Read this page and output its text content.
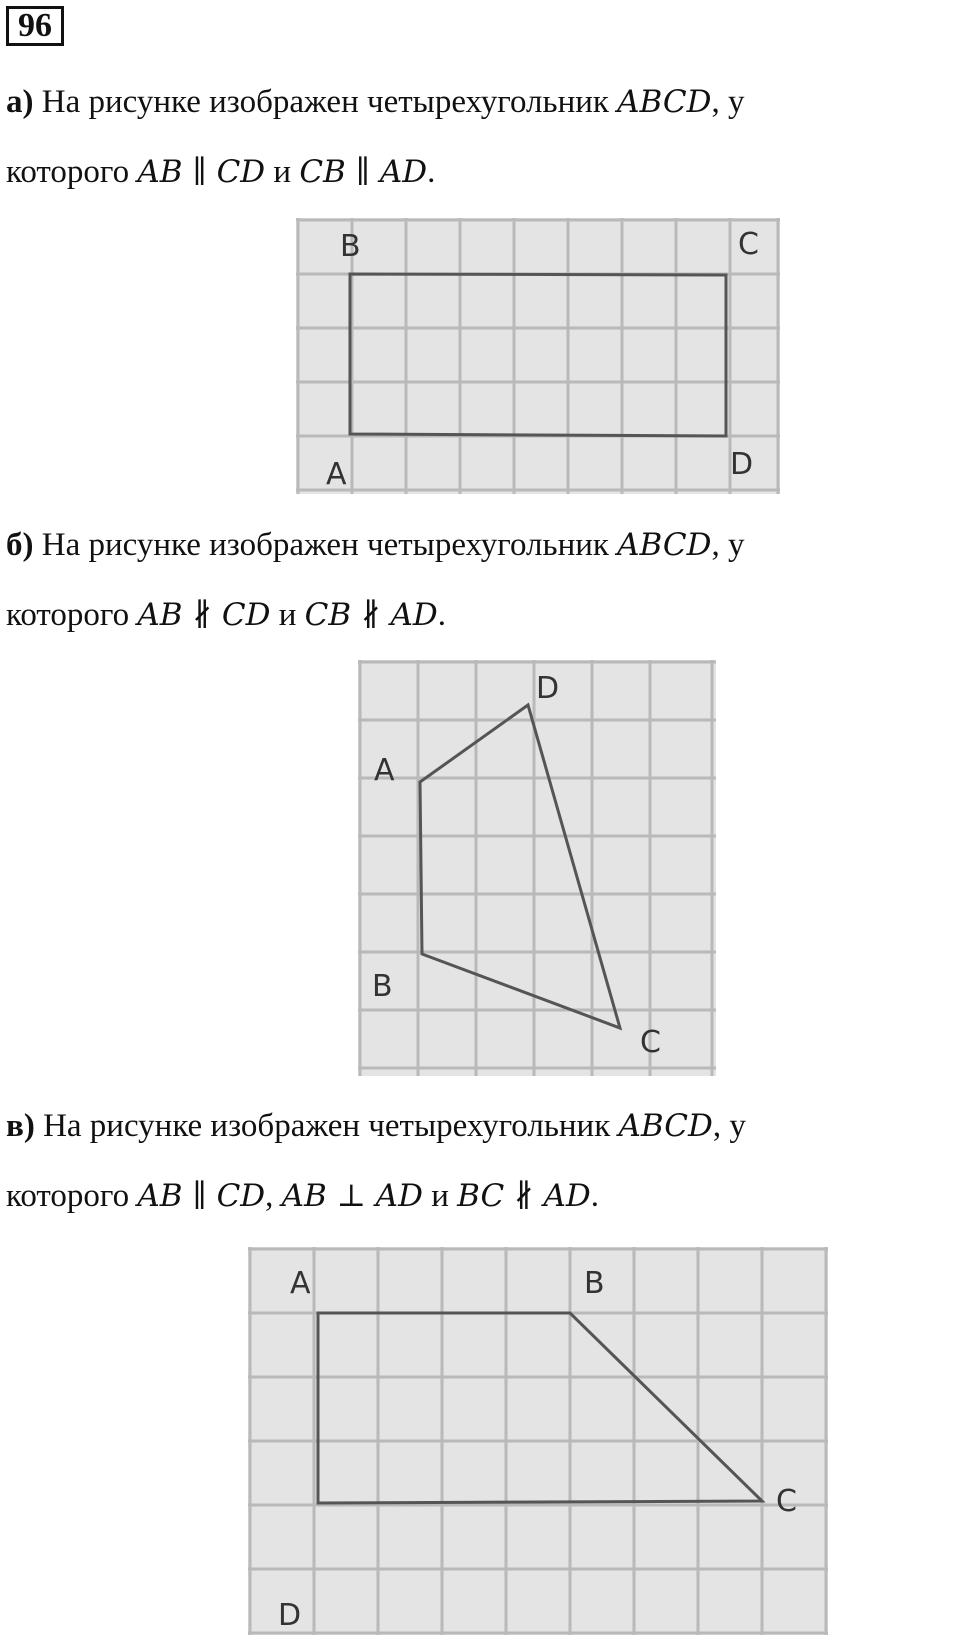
96
а) На рисунке изображен четырехугольник ABCD, у
которого AB ∥ CD и CB ∥ AD.
B	C
A	D
б) На рисунке изображен четырехугольник ABCD, у
которого AB ∦ CD и CB ∦ AD.
D
A
B
C
в) На рисунке изображен четырехугольник ABCD, у
которого AB ∥ CD, AB ⊥ AD и BC ∦ AD.
A	B
C
D
